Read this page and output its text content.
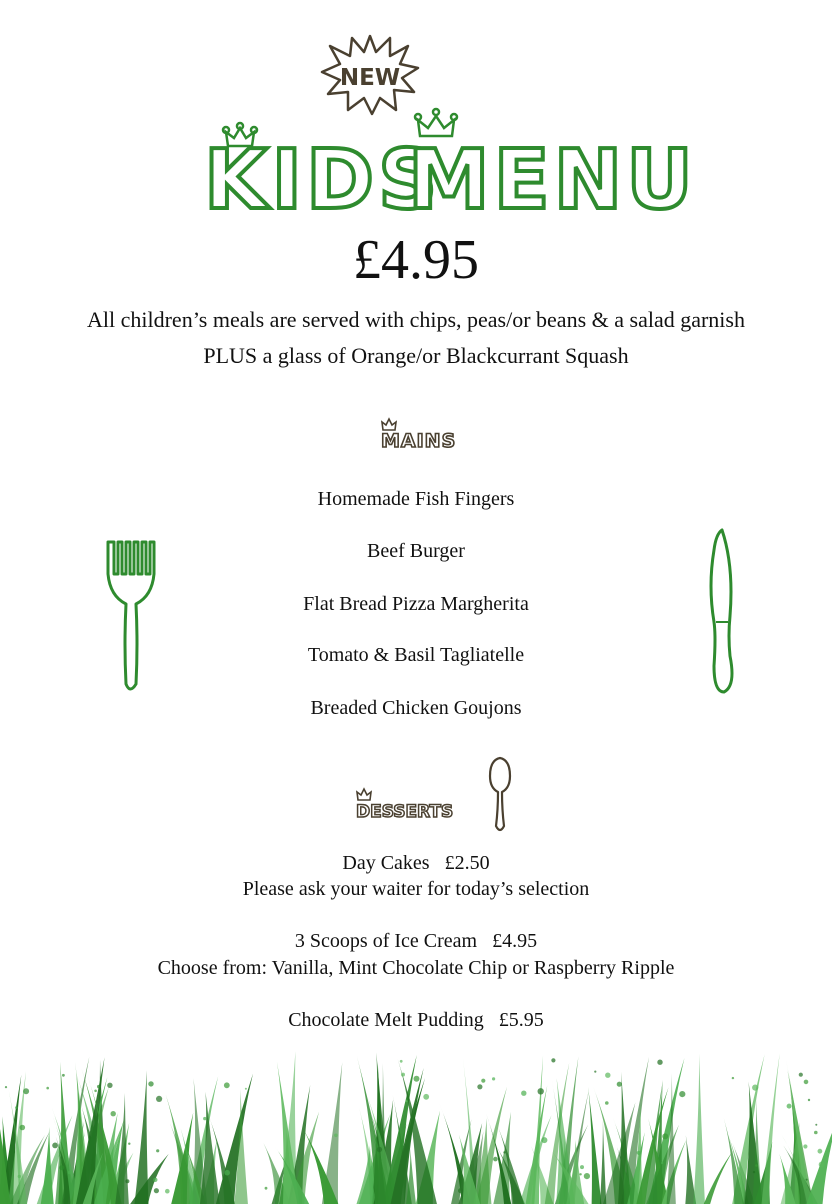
NEW
KIDS
MENU
£4.95
All children’s meals are served with chips, peas/or beans & a salad garnish
PLUS a glass of Orange/or Blackcurrant Squash
MAINS
Homemade Fish Fingers
Beef Burger
Flat Bread Pizza Margherita
Tomato & Basil Tagliatelle
Breaded Chicken Goujons
DESSERTS
Day Cakes £2.50
Please ask your waiter for today’s selection
3 Scoops of Ice Cream £4.95
Choose from: Vanilla, Mint Chocolate Chip or Raspberry Ripple
Chocolate Melt Pudding £5.95
